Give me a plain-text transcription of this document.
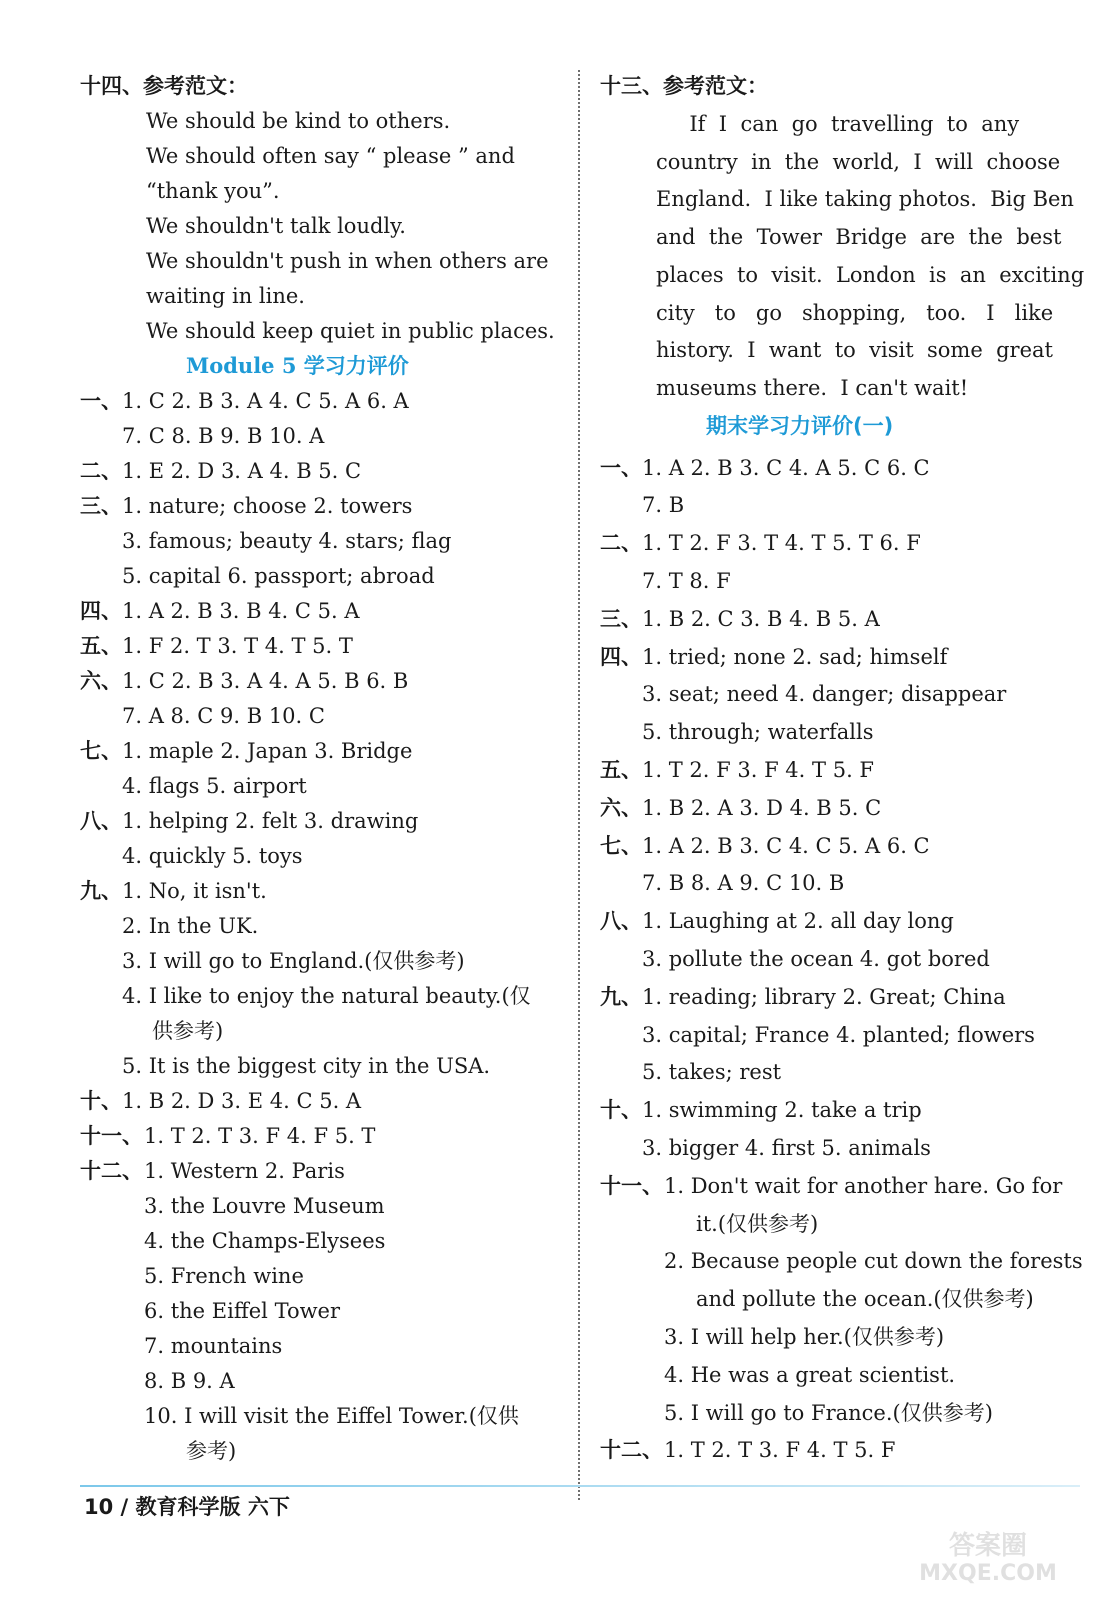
十四、参考范文：
We should be kind to others.
We should often say “ please ” and
“thank you”.
We shouldn't talk loudly.
We shouldn't push in when others are
waiting in line.
We should keep quiet in public places.
Module 5 学习力评价
一、 1. C 2. B 3. A 4. C 5. A 6. A
7. C 8. B 9. B 10. A
二、 1. E 2. D 3. A 4. B 5. C
三、 1. nature; choose 2. towers
3. famous; beauty 4. stars; flag
5. capital 6. passport; abroad
四、 1. A 2. B 3. B 4. C 5. A
五、 1. F 2. T 3. T 4. T 5. T
六、 1. C 2. B 3. A 4. A 5. B 6. B
7. A 8. C 9. B 10. C
七、 1. maple 2. Japan 3. Bridge
4. flags 5. airport
八、 1. helping 2. felt 3. drawing
4. quickly 5. toys
九、 1. No, it isn't.
2. In the UK.
3. I will go to England.(仅供参考)
4. I like to enjoy the natural beauty.(仅
供参考)
5. It is the biggest city in the USA.
十、 1. B 2. D 3. E 4. C 5. A
十一、 1. T 2. T 3. F 4. F 5. T
十二、 1. Western 2. Paris
3. the Louvre Museum
4. the Champs-Elysees
5. French wine
6. the Eiffel Tower
7. mountains
8. B 9. A
10. I will visit the Eiffel Tower.(仅供
参考)
十三、参考范文：
If  I  can  go  travelling  to  any
country  in  the  world,  I  will  choose
England.  I like taking photos.  Big Ben
and  the  Tower  Bridge  are  the  best
places  to  visit.  London  is  an  exciting
city   to   go   shopping,   too.   I   like
history.  I  want  to  visit  some  great
museums there.  I can't wait!
期末学习力评价(一)
一、 1. A 2. B 3. C 4. A 5. C 6. C
7. B
二、 1. T 2. F 3. T 4. T 5. T 6. F
7. T 8. F
三、 1. B 2. C 3. B 4. B 5. A
四、 1. tried; none 2. sad; himself
3. seat; need 4. danger; disappear
5. through; waterfalls
五、 1. T 2. F 3. F 4. T 5. F
六、 1. B 2. A 3. D 4. B 5. C
七、 1. A 2. B 3. C 4. C 5. A 6. C
7. B 8. A 9. C 10. B
八、 1. Laughing at 2. all day long
3. pollute the ocean 4. got bored
九、 1. reading; library 2. Great; China
3. capital; France 4. planted; flowers
5. takes; rest
十、 1. swimming 2. take a trip
3. bigger 4. first 5. animals
十一、 1. Don't wait for another hare. Go for
it.(仅供参考)
2. Because people cut down the forests
and pollute the ocean.(仅供参考)
3. I will help her.(仅供参考)
4. He was a great scientist.
5. I will go to France.(仅供参考)
十二、 1. T 2. T 3. F 4. T 5. F
10 / 教育科学版 六下
答案圈
MXQE.COM
